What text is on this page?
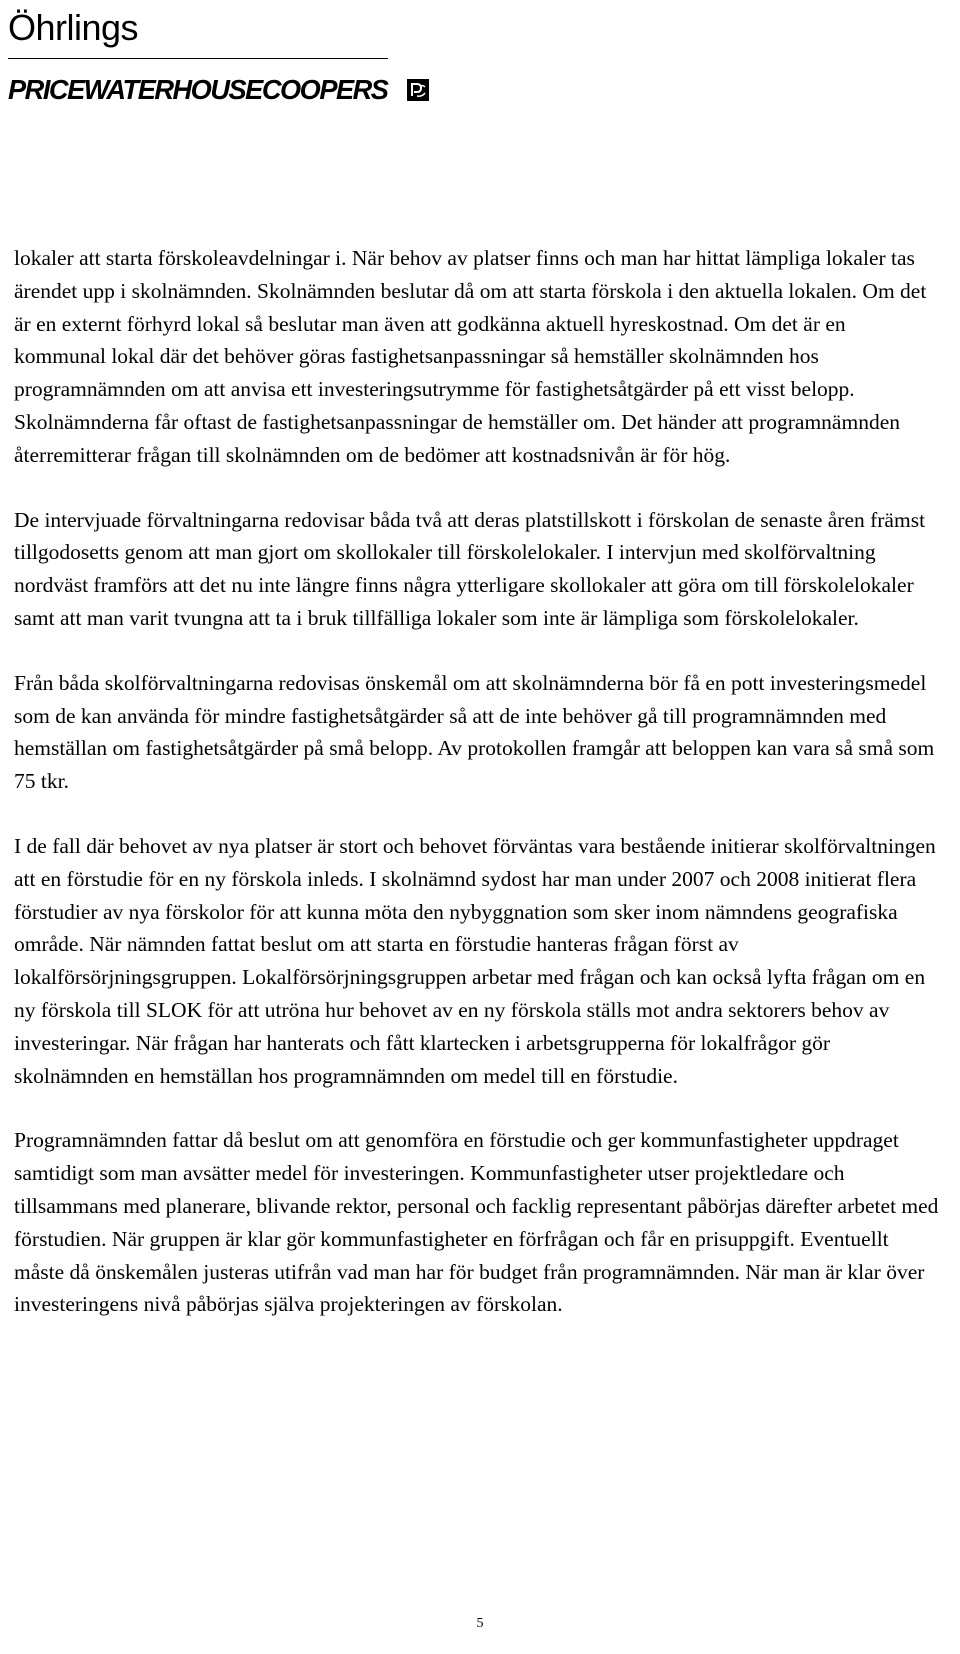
Öhrlings
PRICEWATERHOUSECOOPERS

lokaler att starta förskoleavdelningar i. När behov av platser finns och man har hittat lämpliga lokaler tas ärendet upp i skolnämnden. Skolnämnden beslutar då om att starta förskola i den aktuella lokalen. Om det är en externt förhyrd lokal så beslutar man även att godkänna aktuell hyreskostnad. Om det är en kommunal lokal där det behöver göras fastighetsanpassningar så hemställer skolnämnden hos programnämnden om att anvisa ett investeringsutrymme för fastighetsåtgärder på ett visst belopp. Skolnämnderna får oftast de fastighetsanpassningar de hemställer om. Det händer att programnämnden återremitterar frågan till skolnämnden om de bedömer att kostnadsnivån är för hög.

De intervjuade förvaltningarna redovisar båda två att deras platstillskott i förskolan de senaste åren främst tillgodosetts genom att man gjort om skollokaler till förskolelokaler. I intervjun med skolförvaltning nordväst framförs att det nu inte längre finns några ytterligare skollokaler att göra om till förskolelokaler samt att man varit tvungna att ta i bruk tillfälliga lokaler som inte är lämpliga som förskolelokaler.

Från båda skolförvaltningarna redovisas önskemål om att skolnämnderna bör få en pott investeringsmedel som de kan använda för mindre fastighetsåtgärder så att de inte behöver gå till programnämnden med hemställan om fastighetsåtgärder på små belopp. Av protokollen framgår att beloppen kan vara så små som 75 tkr.

I de fall där behovet av nya platser är stort och behovet förväntas vara bestående initierar skolförvaltningen att en förstudie för en ny förskola inleds. I skolnämnd sydost har man under 2007 och 2008 initierat flera förstudier av nya förskolor för att kunna möta den nybyggnation som sker inom nämndens geografiska område. När nämnden fattat beslut om att starta en förstudie hanteras frågan först av lokalförsörjningsgruppen. Lokalförsörjningsgruppen arbetar med frågan och kan också lyfta frågan om en ny förskola till SLOK för att utröna hur behovet av en ny förskola ställs mot andra sektorers behov av investeringar. När frågan har hanterats och fått klartecken i arbetsgrupperna för lokalfrågor gör skolnämnden en hemställan hos programnämnden om medel till en förstudie.

Programnämnden fattar då beslut om att genomföra en förstudie och ger kommunfastigheter uppdraget samtidigt som man avsätter medel för investeringen. Kommunfastigheter utser projektledare och tillsammans med planerare, blivande rektor, personal och facklig representant påbörjas därefter arbetet med förstudien. När gruppen är klar gör kommunfastigheter en förfrågan och får en prisuppgift. Eventuellt måste då önskemålen justeras utifrån vad man har för budget från programnämnden. När man är klar över investeringens nivå påbörjas själva projekteringen av förskolan.

5
